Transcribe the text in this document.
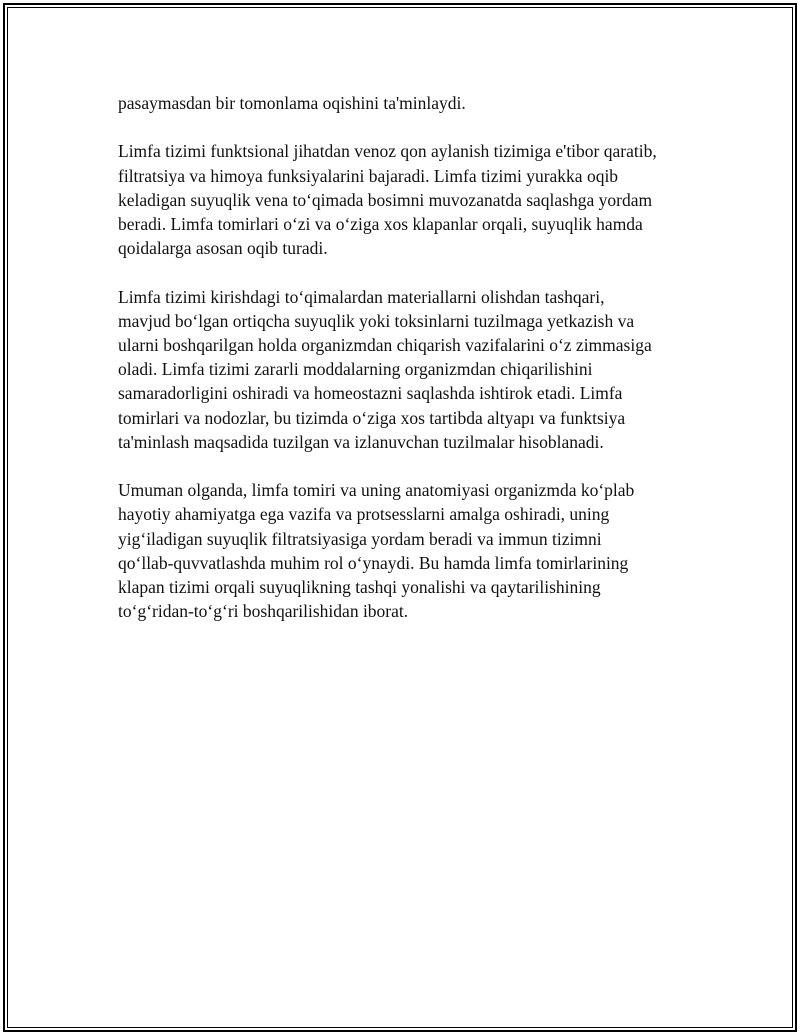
pasaymasdan bir tomonlama oqishini ta'minlaydi.

Limfa tizimi funktsional jihatdan venoz qon aylanish tizimiga e'tibor qaratib,
filtratsiya va himoya funksiyalarini bajaradi. Limfa tizimi yurakka oqib
keladigan suyuqlik vena to‘qimada bosimni muvozanatda saqlashga yordam
beradi. Limfa tomirlari o‘zi va o‘ziga xos klapanlar orqali, suyuqlik hamda
qoidalarga asosan oqib turadi.

Limfa tizimi kirishdagi to‘qimalardan materiallarni olishdan tashqari,
mavjud bo‘lgan ortiqcha suyuqlik yoki toksinlarni tuzilmaga yetkazish va
ularni boshqarilgan holda organizmdan chiqarish vazifalarini o‘z zimmasiga
oladi. Limfa tizimi zararli moddalarning organizmdan chiqarilishini
samaradorligini oshiradi va homeostazni saqlashda ishtirok etadi. Limfa
tomirlari va nodozlar, bu tizimda o‘ziga xos tartibda altyapı va funktsiya
ta'minlash maqsadida tuzilgan va izlanuvchan tuzilmalar hisoblanadi.

Umuman olganda, limfa tomiri va uning anatomiyasi organizmda ko‘plab
hayotiy ahamiyatga ega vazifa va protsesslarni amalga oshiradi, uning
yig‘iladigan suyuqlik filtratsiyasiga yordam beradi va immun tizimni
qo‘llab-quvvatlashda muhim rol o‘ynaydi. Bu hamda limfa tomirlarining
klapan tizimi orqali suyuqlikning tashqi yonalishi va qaytarilishining
to‘g‘ridan-to‘g‘ri boshqarilishidan iborat.
